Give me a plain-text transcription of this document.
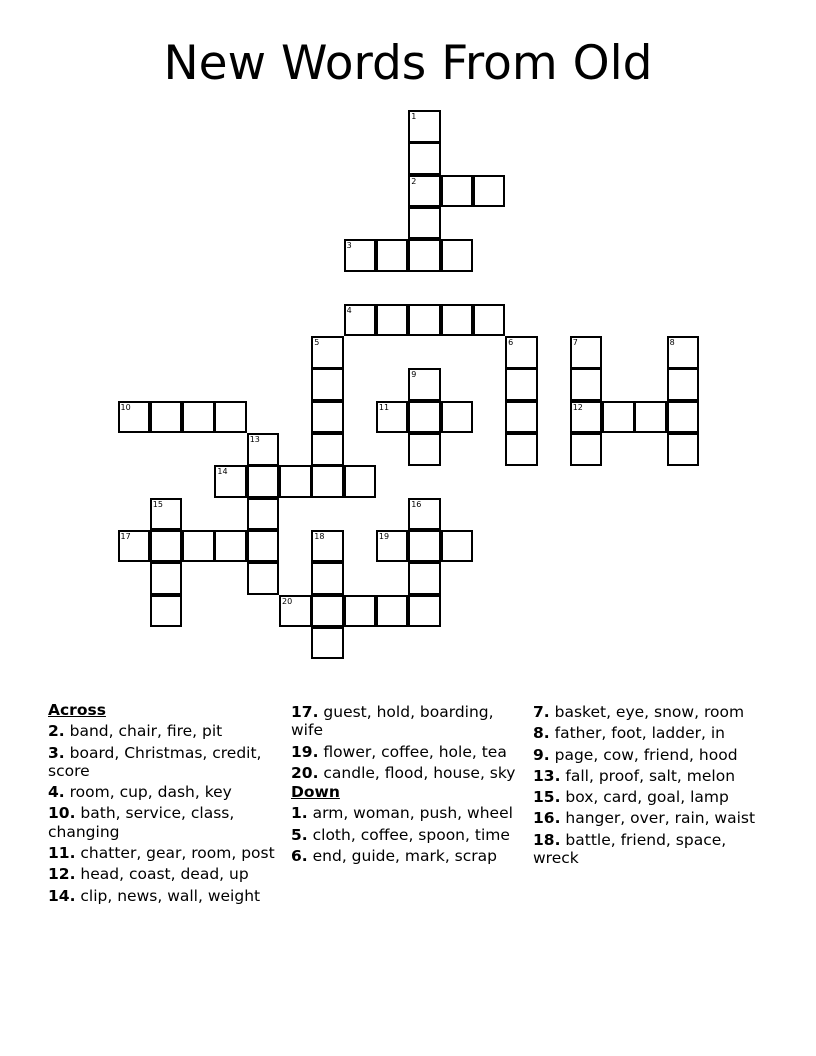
New Words From Old
1
2
3
4
5	6	7	8
9
10	11	12
13
14
15	16
17	18	19
20
Across
2. band, chair, fire, pit
3. board, Christmas, credit, score
4. room, cup, dash, key
10. bath, service, class, changing
11. chatter, gear, room, post
12. head, coast, dead, up
14. clip, news, wall, weight
17. guest, hold, boarding, wife
19. flower, coffee, hole, tea
20. candle, flood, house, sky
Down
1. arm, woman, push, wheel
5. cloth, coffee, spoon, time
6. end, guide, mark, scrap
7. basket, eye, snow, room
8. father, foot, ladder, in
9. page, cow, friend, hood
13. fall, proof, salt, melon
15. box, card, goal, lamp
16. hanger, over, rain, waist
18. battle, friend, space, wreck
